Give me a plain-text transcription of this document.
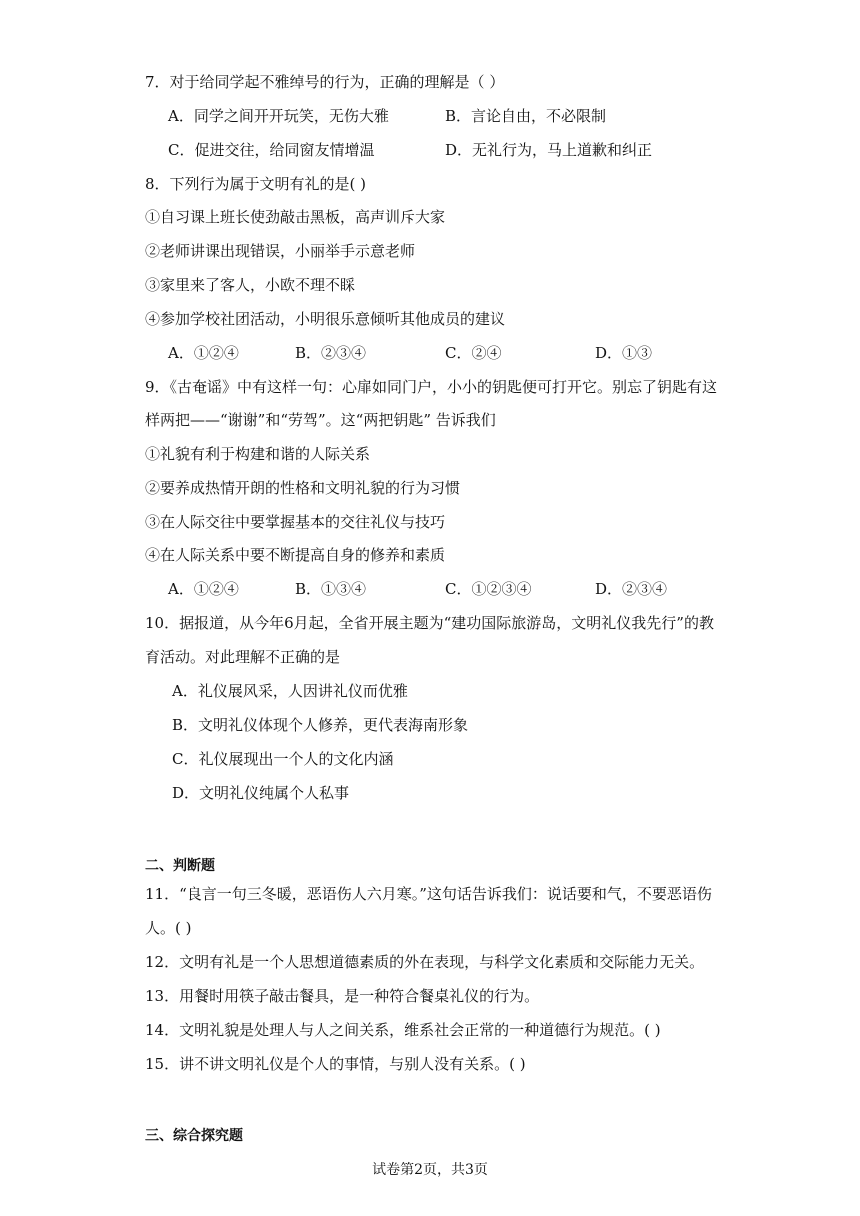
7．对于给同学起不雅绰号的行为，正确的理解是（ ）
A．同学之间开开玩笑，无伤大雅	B．言论自由，不必限制
C．促进交往，给同窗友情增温	D．无礼行为，马上道歉和纠正
8．下列行为属于文明有礼的是( )
①自习课上班长使劲敲击黑板，高声训斥大家
②老师讲课出现错误，小丽举手示意老师
③家里来了客人，小欧不理不睬
④参加学校社团活动，小明很乐意倾听其他成员的建议
A．①②④	B．②③④	C．②④	D．①③
9．《古奄谣》中有这样一句：心扉如同门户，小小的钥匙便可打开它。别忘了钥匙有这
样两把——“谢谢”和“劳驾”。这“两把钥匙” 告诉我们
①礼貌有利于构建和谐的人际关系
②要养成热情开朗的性格和文明礼貌的行为习惯
③在人际交往中要掌握基本的交往礼仪与技巧
④在人际关系中要不断提高自身的修养和素质
A．①②④	B．①③④	C．①②③④	D．②③④
10．据报道，从今年6月起，全省开展主题为“建功国际旅游岛，文明礼仪我先行”的教
育活动。对此理解不正确的是
A．礼仪展风采，人因讲礼仪而优雅
B．文明礼仪体现个人修养，更代表海南形象
C．礼仪展现出一个人的文化内涵
D．文明礼仪纯属个人私事
二、判断题
11．“良言一句三冬暖，恶语伤人六月寒。”这句话告诉我们：说话要和气，不要恶语伤
人。( )
12．文明有礼是一个人思想道德素质的外在表现，与科学文化素质和交际能力无关。
13．用餐时用筷子敲击餐具，是一种符合餐桌礼仪的行为。
14．文明礼貌是处理人与人之间关系，维系社会正常的一种道德行为规范。( )
15．讲不讲文明礼仪是个人的事情，与别人没有关系。( )
三、综合探究题
试卷第2页，共3页
